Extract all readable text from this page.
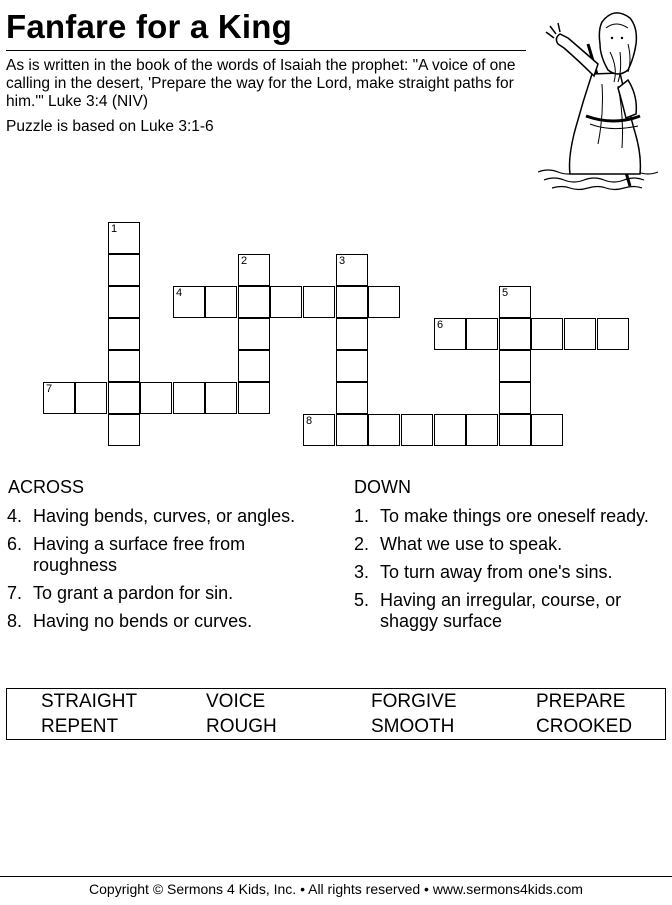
Fanfare for a King
As is written in the book of the words of Isaiah the prophet: "A voice of one calling in the desert, 'Prepare the way for the Lord, make straight paths for him.'" Luke 3:4 (NIV)
Puzzle is based on Luke 3:1-6
1
2	3
4	5
6
7
8
ACROSS
4. Having bends, curves, or angles.
6. Having a surface free from roughness
7. To grant a pardon for sin.
8. Having no bends or curves.
DOWN
1. To make things ore oneself ready.
2. What we use to speak.
3. To turn away from one's sins.
5. Having an irregular, course, or shaggy surface
STRAIGHT	VOICE	FORGIVE	PREPARE
REPENT	ROUGH	SMOOTH	CROOKED
Copyright © Sermons 4 Kids, Inc. • All rights reserved • www.sermons4kids.com
